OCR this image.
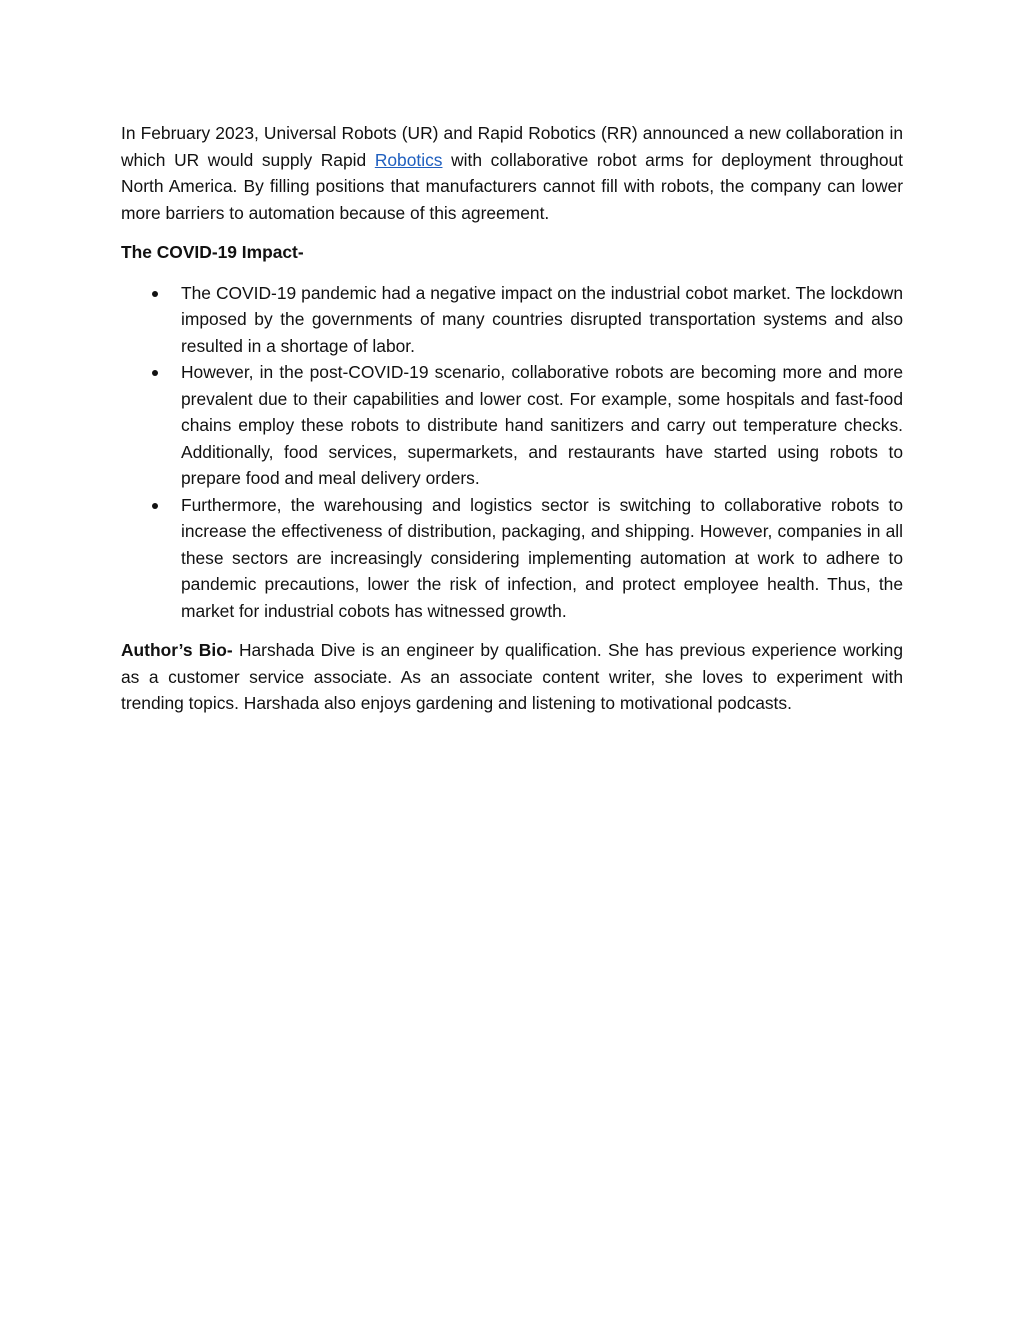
In February 2023, Universal Robots (UR) and Rapid Robotics (RR) announced a new collaboration in which UR would supply Rapid Robotics with collaborative robot arms for deployment throughout North America. By filling positions that manufacturers cannot fill with robots, the company can lower more barriers to automation because of this agreement.

The COVID-19 Impact-

The COVID-19 pandemic had a negative impact on the industrial cobot market. The lockdown imposed by the governments of many countries disrupted transportation systems and also resulted in a shortage of labor.
However, in the post-COVID-19 scenario, collaborative robots are becoming more and more prevalent due to their capabilities and lower cost. For example, some hospitals and fast-food chains employ these robots to distribute hand sanitizers and carry out temperature checks. Additionally, food services, supermarkets, and restaurants have started using robots to prepare food and meal delivery orders.
Furthermore, the warehousing and logistics sector is switching to collaborative robots to increase the effectiveness of distribution, packaging, and shipping. However, companies in all these sectors are increasingly considering implementing automation at work to adhere to pandemic precautions, lower the risk of infection, and protect employee health. Thus, the market for industrial cobots has witnessed growth.

Author’s Bio- Harshada Dive is an engineer by qualification. She has previous experience working as a customer service associate. As an associate content writer, she loves to experiment with trending topics. Harshada also enjoys gardening and listening to motivational podcasts.
